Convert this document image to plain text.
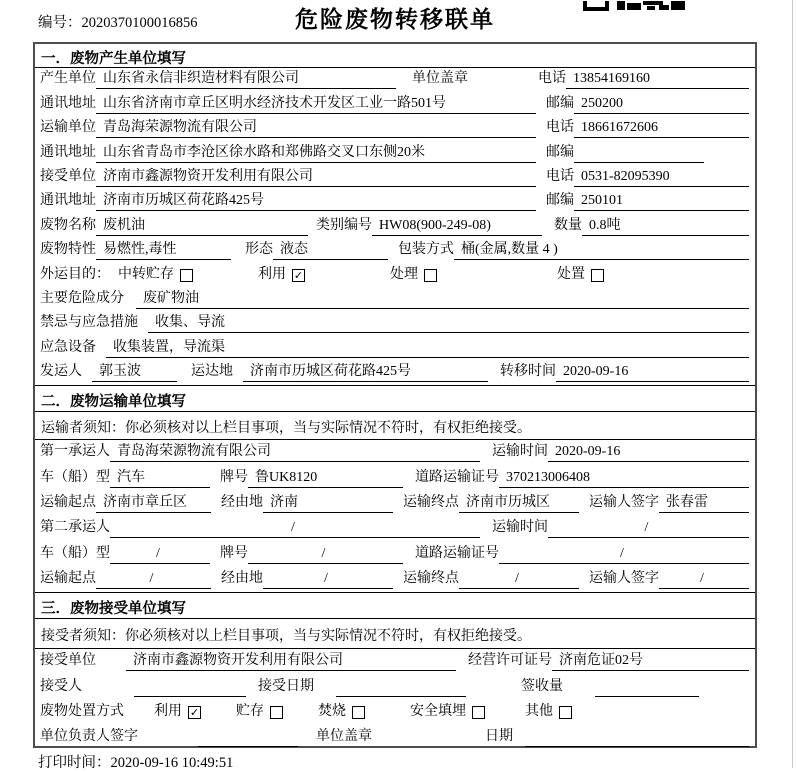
编号：2020370100016856	危险废物转移联单
一．废物产生单位填写
产生单位 山东省永信非织造材料有限公司	单位盖章	电话 13854169160
通讯地址 山东省济南市章丘区明水经济技术开发区工业一路501号	邮编 250200
运输单位 青岛海荣源物流有限公司	电话 18661672606
通讯地址 山东省青岛市李沧区徐水路和郑佛路交叉口东侧20米	邮编
接受单位 济南市鑫源物资开发利用有限公司	电话 0531-82095390
通讯地址 济南市历城区荷花路425号	邮编 250101
废物名称 废机油	类别编号 HW08(900-249-08)	数量 0.8吨
废物特性 易燃性,毒性	形态 液态	包装方式 桶(金属,数量 4 )
外运目的： 中转贮存	利用 ✓	处理	处置
主要危险成分	废矿物油
禁忌与应急措施	收集、导流
应急设备	收集装置，导流渠
发运人	郭玉波	运达地	济南市历城区荷花路425号	转移时间 2020-09-16
二．废物运输单位填写
运输者须知：你必须核对以上栏目事项，当与实际情况不符时，有权拒绝接受。
第一承运人 青岛海荣源物流有限公司	运输时间 2020-09-16
车（船）型 汽车	牌号 鲁UK8120	道路运输证号 370213006408
运输起点 济南市章丘区	经由地 济南	运输终点 济南市历城区	运输人签字 张春雷
第二承运人	/	运输时间	/
车（船）型	/	牌号	/	道路运输证号	/
运输起点	/	经由地	/	运输终点	/	运输人签字	/
三．废物接受单位填写
接受者须知：你必须核对以上栏目事项，当与实际情况不符时，有权拒绝接受。
接受单位	济南市鑫源物资开发利用有限公司	经营许可证号 济南危证02号
接受人	接受日期	签收量
废物处置方式 利用 ✓	贮存	焚烧	安全填埋	其他
单位负责人签字	单位盖章	日期
打印时间：2020-09-16 10:49:51
